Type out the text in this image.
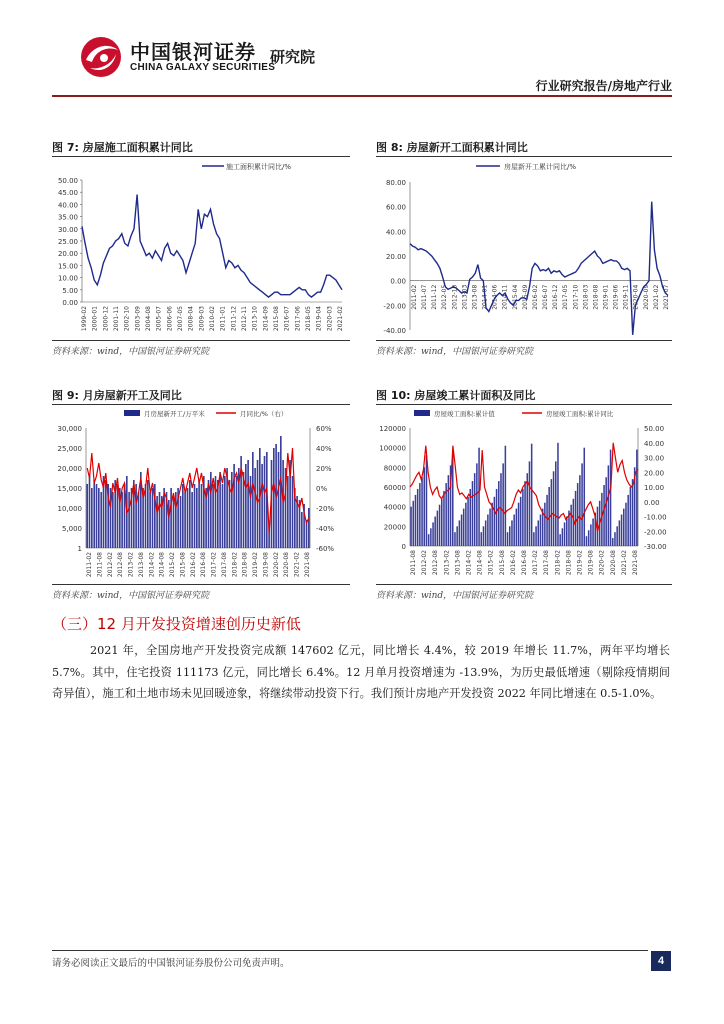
中国银河证券
CHINA GALAXY SECURITIES
研究院
行业研究报告/房地产行业
图 7: 房屋施工面积累计同比
施工面积累计同比/%
50.00
45.00
40.00
35.00
30.00
25.00
20.00
15.00
10.00
5.00
0.00
1999-02 2000-01 2000-12 2001-11 2002-10 2003-09 2004-08 2005-07 2006-06 2007-05 2008-04 2009-03 2010-02 2011-01 2011-12 2012-11 2013-10 2014-09 2015-08 2016-07 2017-06 2018-05 2019-04 2020-03 2021-02
资料来源：wind，中国银河证券研究院
图 8: 房屋新开工面积累计同比
房屋新开工累计同比/%
80.00
60.00
40.00
20.00
0.00
-20.00
-40.00
2011-02 2011-07 2011-12 2012-05 2012-10 2013-03 2013-08 2014-01 2014-06 2014-11 2015-04 2015-09 2016-02 2016-07 2016-12 2017-05 2017-10 2018-03 2018-08 2019-01 2019-06 2019-11 2020-04 2020-09 2021-02 2021-07
资料来源：wind，中国银河证券研究院
图 9: 月房屋新开工及同比
月房屋新开工/万平米	月同比/%（右）
30,000
25,000
20,000
15,000
10,000
5,000
1
60%
40%
20%
0%
-20%
-40%
-60%
2011-02 2011-08 2012-02 2012-08 2013-02 2013-08 2014-02 2014-08 2015-02 2015-08 2016-02 2016-08 2017-02 2017-08 2018-02 2018-08 2019-02 2019-08 2020-02 2020-08 2021-02 2021-08
资料来源：wind，中国银河证券研究院
图 10: 房屋竣工累计面积及同比
房屋竣工面积:累计值	房屋竣工面积:累计同比
120000
100000
80000
60000
40000
20000
0
50.00
40.00
30.00
20.00
10.00
0.00
-10.00
-20.00
-30.00
2011-08 2012-02 2012-08 2013-02 2013-08 2014-02 2014-08 2015-02 2015-08 2016-02 2016-08 2017-02 2017-08 2018-02 2018-08 2019-02 2019-08 2020-02 2020-08 2021-02 2021-08
资料来源：wind，中国银河证券研究院
（三）12 月开发投资增速创历史新低
2021 年，全国房地产开发投资完成额 147602 亿元，同比增长 4.4%，较 2019 年增长 11.7%，两年平均增长 5.7%。其中，住宅投资 111173 亿元，同比增长 6.4%。12 月单月投资增速为 -13.9%，为历史最低增速（剔除疫情期间奇异值），施工和土地市场未见回暖迹象，将继续带动投资下行。我们预计房地产开发投资 2022 年同比增速在 0.5-1.0%。
请务必阅读正文最后的中国银河证券股份公司免责声明。	4
